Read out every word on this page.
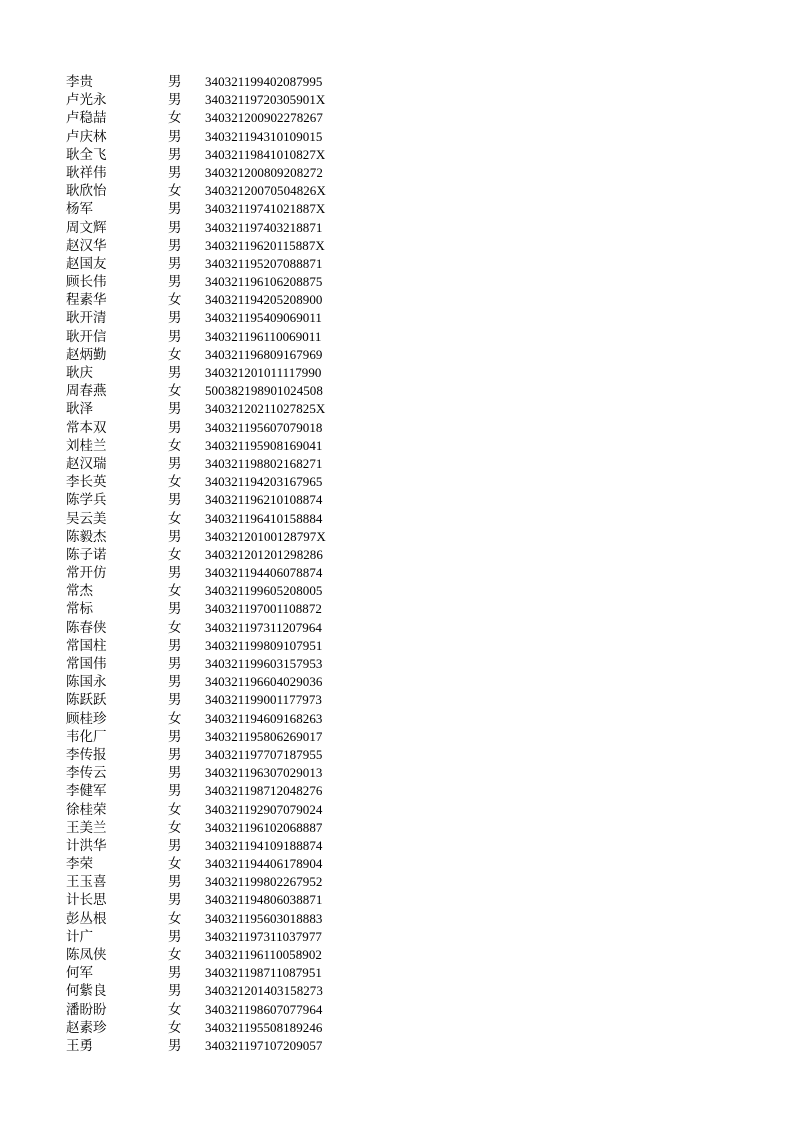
李贵	男 340321199402087995
卢光永	男 34032119720305901X
卢稳喆	女 340321200902278267
卢庆林	男 340321194310109015
耿全飞	男 34032119841010827X
耿祥伟	男 340321200809208272
耿欣怡	女 34032120070504826X
杨军	男 34032119741021887X
周文辉	男 340321197403218871
赵汉华	男 34032119620115887X
赵国友	男 340321195207088871
顾长伟	男 340321196106208875
程素华	女 340321194205208900
耿开清	男 340321195409069011
耿开信	男 340321196110069011
赵炳勤	女 340321196809167969
耿庆	男 340321201011117990
周春燕	女 500382198901024508
耿泽	男 34032120211027825X
常本双	男 340321195607079018
刘桂兰	女 340321195908169041
赵汉瑞	男 340321198802168271
李长英	女 340321194203167965
陈学兵	男 340321196210108874
吴云美	女 340321196410158884
陈毅杰	男 34032120100128797X
陈子诺	女 340321201201298286
常开仿	男 340321194406078874
常杰	女 340321199605208005
常标	男 340321197001108872
陈春侠	女 340321197311207964
常国柱	男 340321199809107951
常国伟	男 340321199603157953
陈国永	男 340321196604029036
陈跃跃	男 340321199001177973
顾桂珍	女 340321194609168263
韦化厂	男 340321195806269017
李传报	男 340321197707187955
李传云	男 340321196307029013
李健军	男 340321198712048276
徐桂荣	女 340321192907079024
王美兰	女 340321196102068887
计洪华	男 340321194109188874
李荣	女 340321194406178904
王玉喜	男 340321199802267952
计长思	男 340321194806038871
彭丛根	女 340321195603018883
计广	男 340321197311037977
陈凤侠	女 340321196110058902
何军	男 340321198711087951
何紫良	男 340321201403158273
潘盼盼	女 340321198607077964
赵素珍	女 340321195508189246
王勇	男 340321197107209057
